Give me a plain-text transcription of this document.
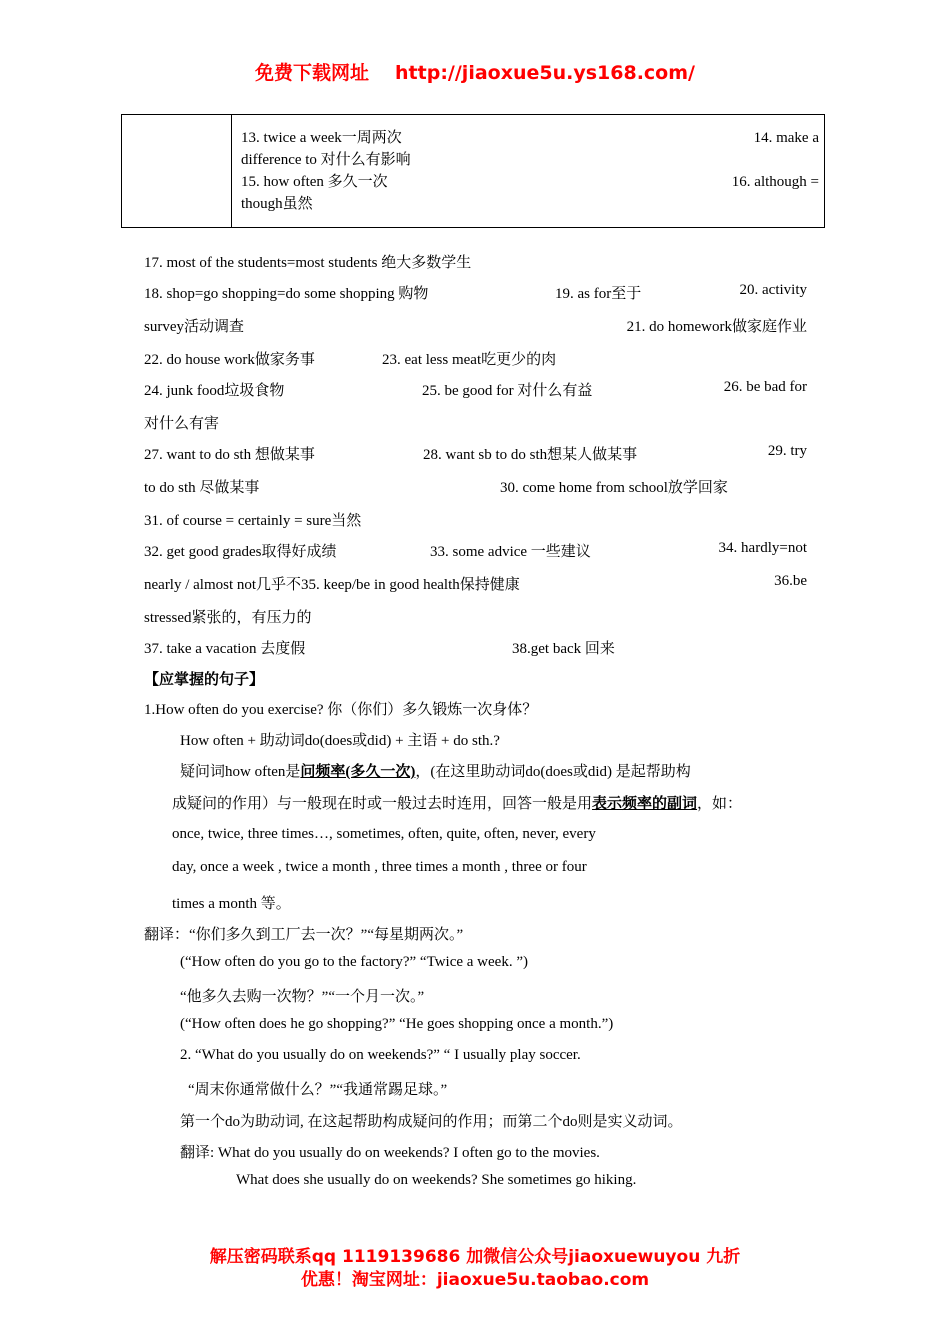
免费下载网址 http://jiaoxue5u.ys168.com/
13. twice a week一周两次	14. make a
difference to 对什么有影响
15. how often 多久一次	16. although =
though虽然
17. most of the students=most students 绝大多数学生
18. shop=go shopping=do some shopping 购物	19. as for至于	20. activity
survey活动调查	21. do homework做家庭作业
22. do house work做家务事	23. eat less meat吃更少的肉
24. junk food垃圾食物	25. be good for 对什么有益	26. be bad for
对什么有害
27. want to do sth 想做某事	28. want sb to do sth想某人做某事	29. try
to do sth 尽做某事	30. come home from school放学回家
31. of course = certainly = sure当然
32. get good grades取得好成绩	33. some advice 一些建议	34. hardly=not
nearly / almost not几乎不35. keep/be in good health保持健康	36.be
stressed紧张的，有压力的
37. take a vacation 去度假	38.get back 回来
【应掌握的句子】
1.How often do you exercise? 你（你们）多久锻炼一次身体？
How often + 助动词do(does或did) + 主语 + do sth.?
疑问词how often是问频率(多久一次)，(在这里助动词do(does或did) 是起帮助构
成疑问的作用）与一般现在时或一般过去时连用，回答一般是用表示频率的副词，如：
once, twice, three times…, sometimes, often, quite, often, never, every
day, once a week , twice a month , three times a month , three or four
times a month 等。
翻译：“你们多久到工厂去一次？”“每星期两次。”
(“How often do you go to the factory?” “Twice a week. ”)
“他多久去购一次物？”“一个月一次。”
(“How often does he go shopping?” “He goes shopping once a month.”)
2. “What do you usually do on weekends?” “ I usually play soccer.
“周末你通常做什么？”“我通常踢足球。”
第一个do为助动词, 在这起帮助构成疑问的作用；而第二个do则是实义动词。
翻译: What do you usually do on weekends? I often go to the movies.
What does she usually do on weekends? She sometimes go hiking.
解压密码联系qq 1119139686 加微信公众号jiaoxuewuyou 九折
优惠！淘宝网址：jiaoxue5u.taobao.com
